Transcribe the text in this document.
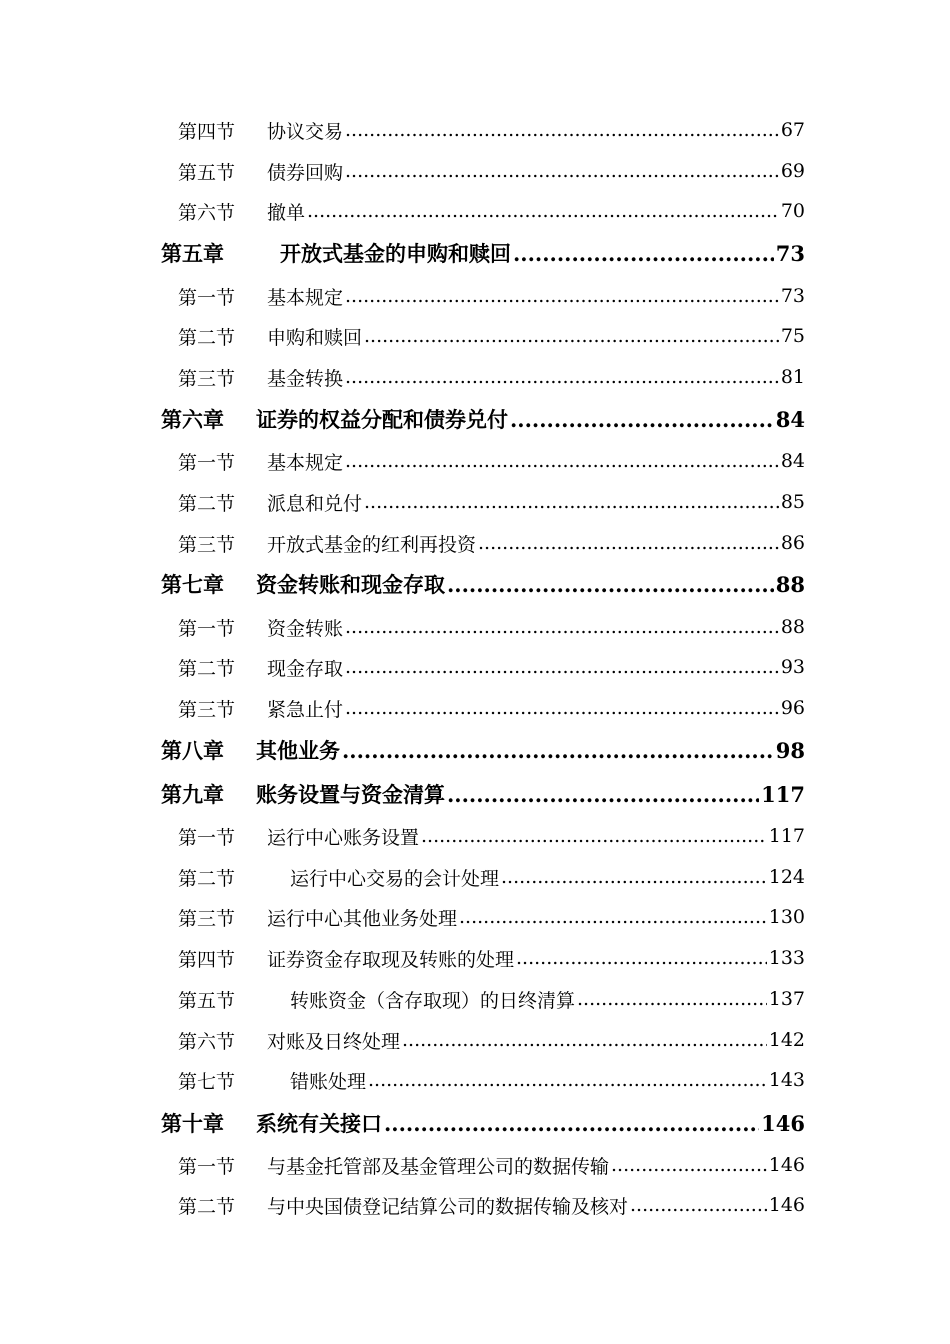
第四节 协议交易 .....	67
第五节 债券回购 .....	69
第六节 撤单 .....	70
第五章	开放式基金的申购和赎回 .....	73
第一节 基本规定 .....	73
第二节 申购和赎回 .....	75
第三节 基金转换 .....	81
第六章 证券的权益分配和债券兑付 .....	84
第一节 基本规定 .....	84
第二节 派息和兑付 .....	85
第三节 开放式基金的红利再投资 .....	86
第七章 资金转账和现金存取 .....	88
第一节 资金转账 .....	88
第二节 现金存取 .....	93
第三节 紧急止付 .....	96
第八章 其他业务 .....	98
第九章 账务设置与资金清算 .....	117
第一节 运行中心账务设置 .....	117
第二节	运行中心交易的会计处理 .....	124
第三节 运行中心其他业务处理 .....	130
第四节 证券资金存取现及转账的处理 .....	133
第五节	转账资金（含存取现）的日终清算 .....	137
第六节 对账及日终处理 .....	142
第七节	错账处理 .....	143
第十章 系统有关接口 .....	146
第一节 与基金托管部及基金管理公司的数据传输 .....	146
第二节 与中央国债登记结算公司的数据传输及核对 .....	146
